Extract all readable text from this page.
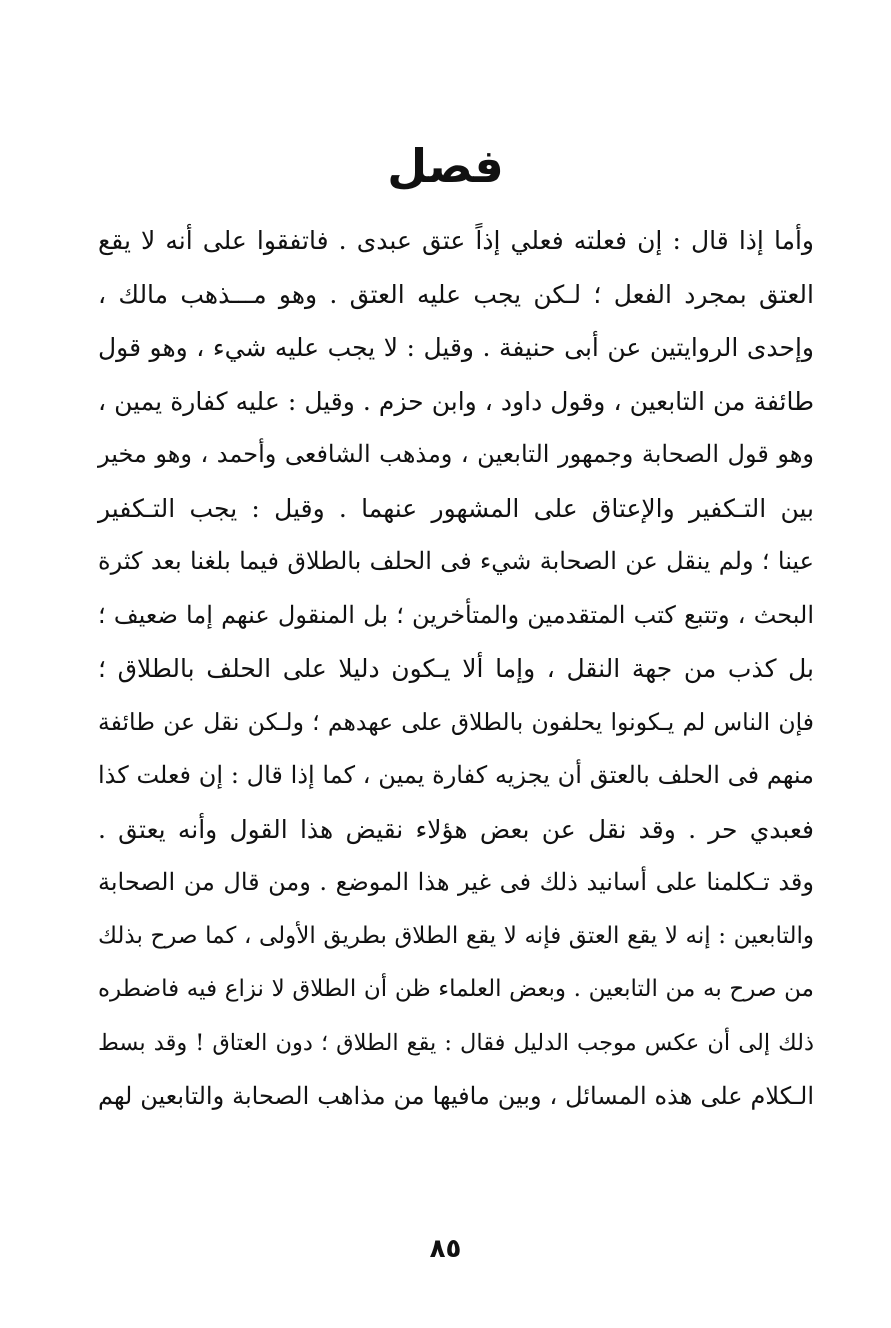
فصل
وأما إذا قال : إن فعلته فعلي إذاً عتق عبدى . فاتفقوا على أنه لا يقع
العتق بمجرد الفعل ؛ لـكن يجب عليه العتق . وهو مـــذهب مالك ،
وإحدى الروايتين عن أبى حنيفة . وقيل : لا يجب عليه شيء ، وهو قول
طائفة من التابعين ، وقول داود ، وابن حزم . وقيل : عليه كفارة يمين ،
وهو قول الصحابة وجمهور التابعين ، ومذهب الشافعى وأحمد ، وهو مخير
بين التـكفير والإعتاق على المشهور عنهما . وقيل : يجب التـكفير
عينا ؛ ولم ينقل عن الصحابة شيء فى الحلف بالطلاق فيما بلغنا بعد كثرة
البحث ، وتتبع كتب المتقدمين والمتأخرين ؛ بل المنقول عنهم إما ضعيف ؛
بل كذب من جهة النقل ، وإما ألا يـكون دليلا على الحلف بالطلاق ؛
فإن الناس لم يـكونوا يحلفون بالطلاق على عهدهم ؛ ولـكن نقل عن طائفة
منهم فى الحلف بالعتق أن يجزيه كفارة يمين ، كما إذا قال : إن فعلت كذا
فعبدي حر . وقد نقل عن بعض هؤلاء نقيض هذا القول وأنه يعتق .
وقد تـكلمنا على أسانيد ذلك فى غير هذا الموضع . ومن قال من الصحابة
والتابعين : إنه لا يقع العتق فإنه لا يقع الطلاق بطريق الأولى ، كما صرح بذلك
من صرح به من التابعين . وبعض العلماء ظن أن الطلاق لا نزاع فيه فاضطره
ذلك إلى أن عكس موجب الدليل فقال : يقع الطلاق ؛ دون العتاق ! وقد بسط
الـكلام على هذه المسائل ، وبين مافيها من مذاهب الصحابة والتابعين لهم
٨٥
